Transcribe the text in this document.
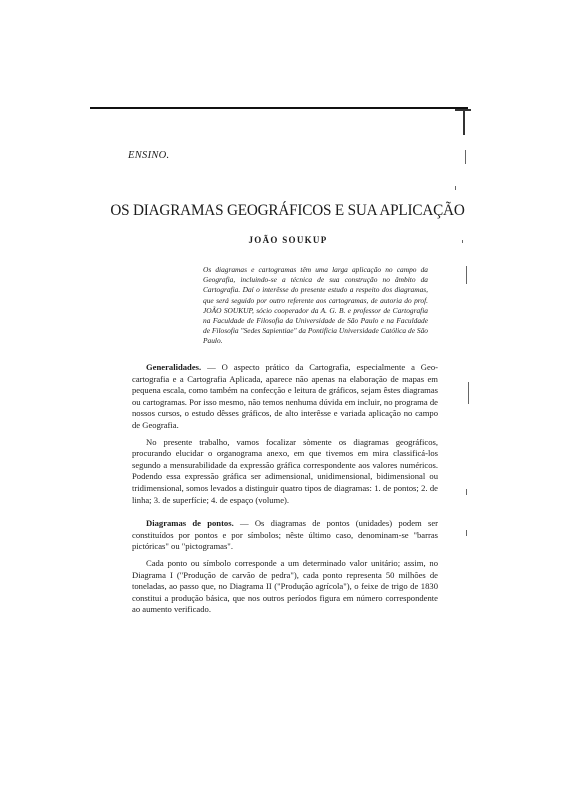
ENSINO.
OS DIAGRAMAS GEOGRÁFICOS E SUA APLICAÇÃO
JOÃO SOUKUP
Os diagramas e cartogramas têm uma larga aplicação no campo da Geografia, incluindo-se a técnica de sua construção no âmbito da Cartografia. Daí o interêsse do presente estudo a respeito dos diagramas, que será seguido por outro referente aos cartogramas, de autoria do prof. JOÃO SOUKUP, sócio cooperador da A. G. B. e professor de Cartografia na Faculdade de Filosofia da Universidade de São Paulo e na Faculdade de Filosofia "Sedes Sapientiae" da Pontifícia Universidade Católica de São Paulo.

Generalidades. — O aspecto prático da Cartografia, especialmente a Geo-cartografia e a Cartografia Aplicada, aparece não apenas na elaboração de mapas em pequena escala, como também na confecção e leitura de gráficos, sejam êstes diagramas ou cartogramas. Por isso mesmo, não temos nenhuma dúvida em incluir, no programa de nossos cursos, o estudo dêsses gráficos, de alto interêsse e variada aplicação no campo de Geografia.

No presente trabalho, vamos focalizar sòmente os diagramas geográficos, procurando elucidar o organograma anexo, em que tivemos em mira classificá-los segundo a mensurabilidade da expressão gráfica correspondente aos valores numéricos. Podendo essa expressão gráfica ser adimensional, unidimensional, bidimensional ou tridimensional, somos levados a distinguir quatro tipos de diagramas: 1. de pontos; 2. de linha; 3. de superfície; 4. de espaço (volume).

Diagramas de pontos. — Os diagramas de pontos (unidades) podem ser constituídos por pontos e por símbolos; nêste último caso, denominam-se "barras pictóricas" ou "pictogramas".

Cada ponto ou símbolo corresponde a um determinado valor unitário; assim, no Diagrama I ("Produção de carvão de pedra"), cada ponto representa 50 milhões de toneladas, ao passo que, no Diagrama II ("Produção agrícola"), o feixe de trigo de 1830 constitui a produção básica, que nos outros períodos figura em número correspondente ao aumento verificado.
